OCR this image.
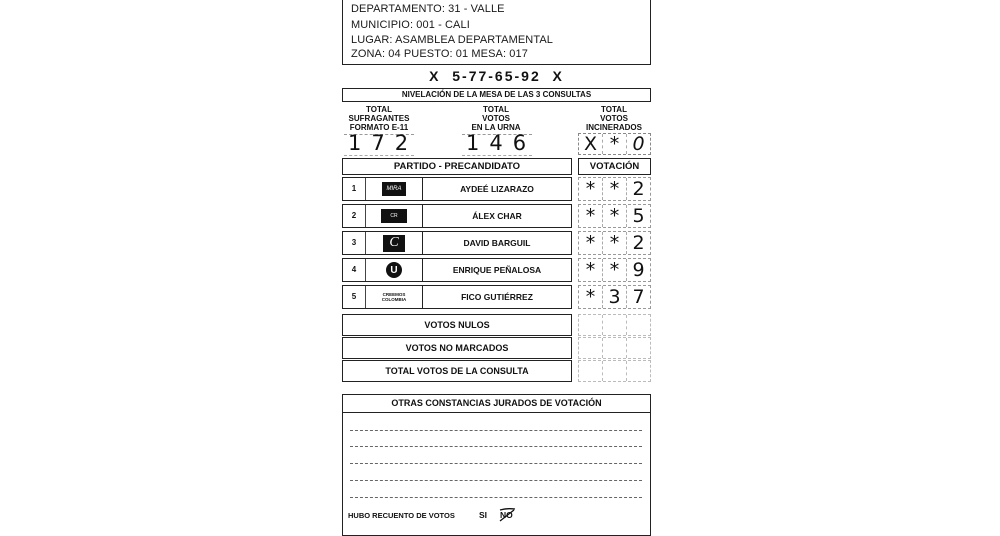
DEPARTAMENTO: 31 - VALLE
MUNICIPIO: 001 - CALI
LUGAR: ASAMBLEA DEPARTAMENTAL
ZONA: 04 PUESTO: 01 MESA: 017
X  5-77-65-92  X
NIVELACIÓN DE LA MESA DE LAS 3 CONSULTAS
TOTAL
SUFRAGANTES
FORMATO E-11
172
TOTAL
VOTOS
EN LA URNA
146
TOTAL
VOTOS
INCINERADOS
X * 0
PARTIDO - PRECANDIDATO	VOTACIÓN
1	MIRA	AYDEÉ LIZARAZO	* * 2
2	CR	ÁLEX CHAR	* * 5
3	C	DAVID BARGUIL	* * 2
4	U	ENRIQUE PEÑALOSA	* * 9
5	CREEMOS COLOMBIA	FICO GUTIÉRREZ	* 3 7
VOTOS NULOS
VOTOS NO MARCADOS
TOTAL VOTOS DE LA CONSULTA
OTRAS CONSTANCIAS JURADOS DE VOTACIÓN
HUBO RECUENTO DE VOTOS	SI NO
